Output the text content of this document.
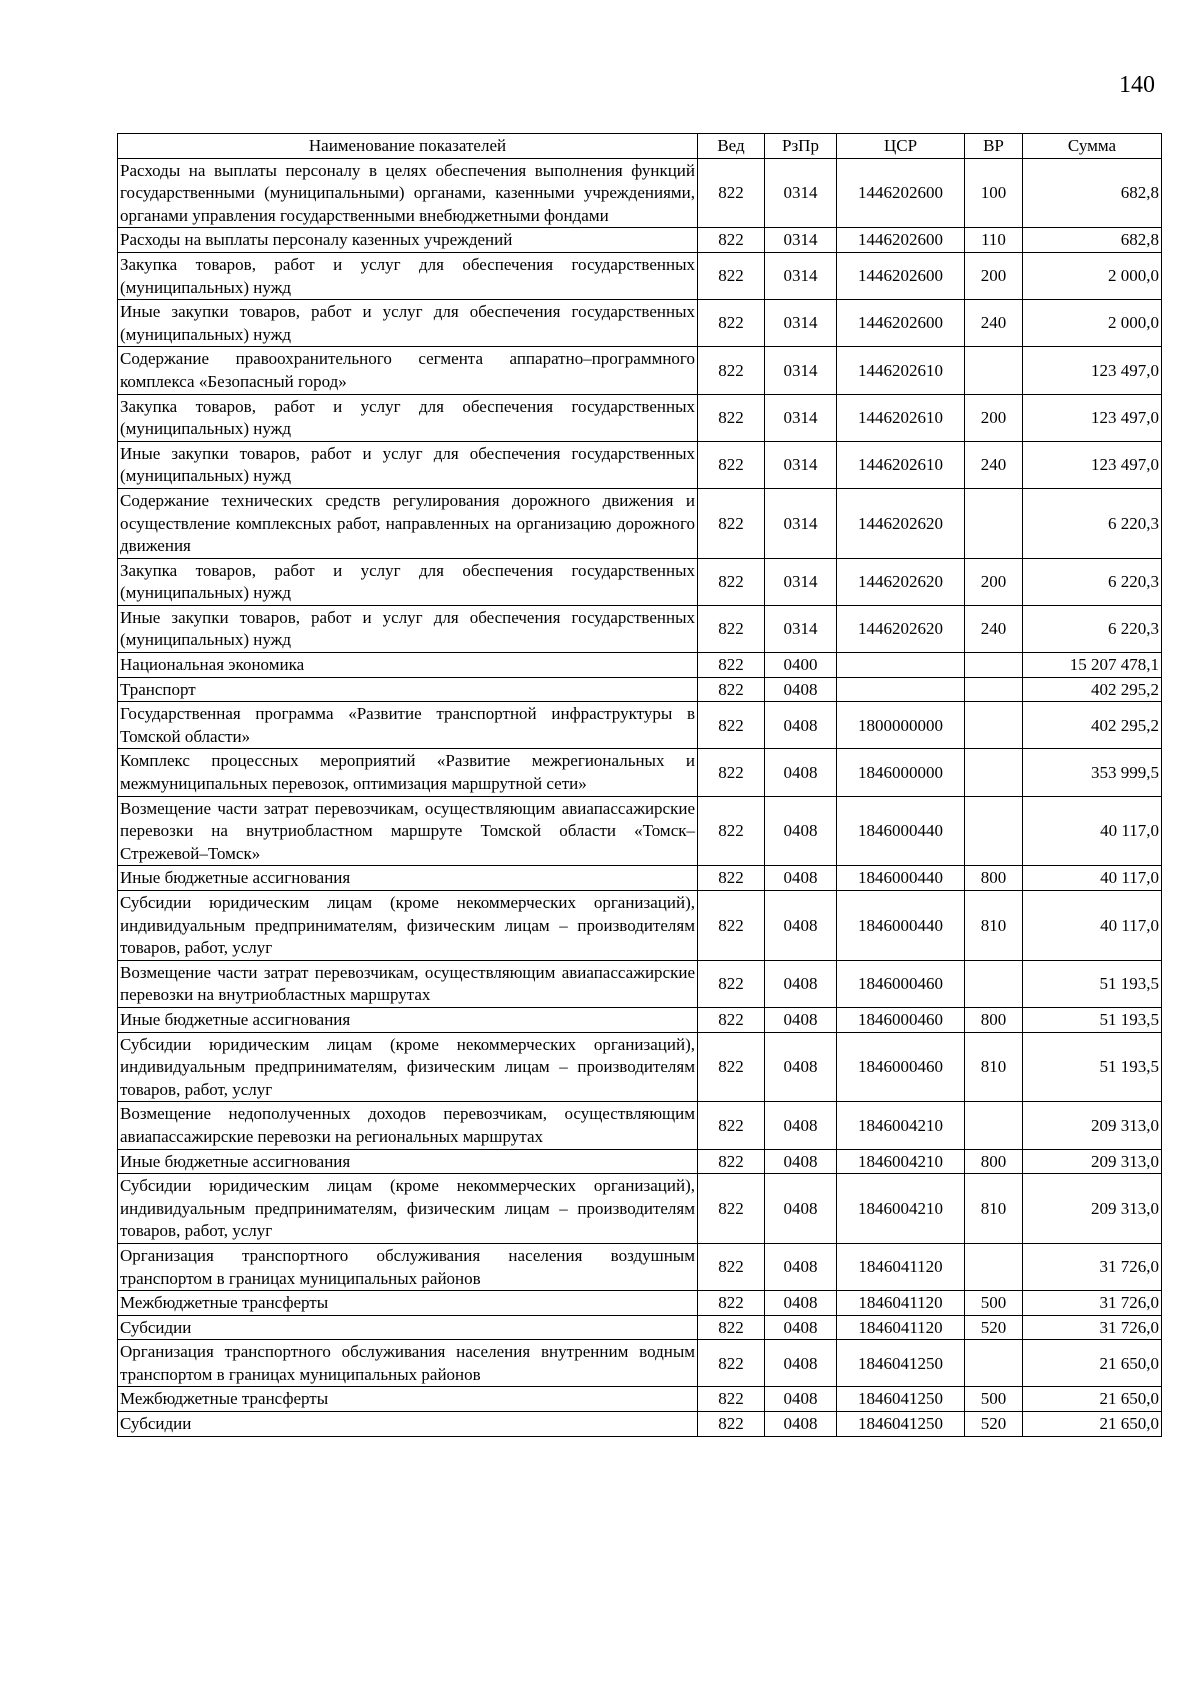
140
Наименование показателей	Вед	РзПр	ЦСР	ВР	Сумма
Расходы на выплаты персоналу в целях обеспечения выполнения функций государственными (муниципальными) органами, казенными учреждениями, органами управления государственными внебюджетными фондами	822	0314	1446202600	100	682,8
Расходы на выплаты персоналу казенных учреждений	822	0314	1446202600	110	682,8
Закупка товаров, работ и услуг для обеспечения государственных (муниципальных) нужд	822	0314	1446202600	200	2 000,0
Иные закупки товаров, работ и услуг для обеспечения государственных (муниципальных) нужд	822	0314	1446202600	240	2 000,0
Содержание правоохранительного сегмента аппаратно–программного комплекса «Безопасный город»	822	0314	1446202610		123 497,0
Закупка товаров, работ и услуг для обеспечения государственных (муниципальных) нужд	822	0314	1446202610	200	123 497,0
Иные закупки товаров, работ и услуг для обеспечения государственных (муниципальных) нужд	822	0314	1446202610	240	123 497,0
Содержание технических средств регулирования дорожного движения и осуществление комплексных работ, направленных на организацию дорожного движения	822	0314	1446202620		6 220,3
Закупка товаров, работ и услуг для обеспечения государственных (муниципальных) нужд	822	0314	1446202620	200	6 220,3
Иные закупки товаров, работ и услуг для обеспечения государственных (муниципальных) нужд	822	0314	1446202620	240	6 220,3
Национальная экономика	822	0400			15 207 478,1
Транспорт	822	0408			402 295,2
Государственная программа «Развитие транспортной инфраструктуры в Томской области»	822	0408	1800000000		402 295,2
Комплекс процессных мероприятий «Развитие межрегиональных и межмуниципальных перевозок, оптимизация маршрутной сети»	822	0408	1846000000		353 999,5
Возмещение части затрат перевозчикам, осуществляющим авиапассажирские перевозки на внутриобластном маршруте Томской области «Томск–Стрежевой–Томск»	822	0408	1846000440		40 117,0
Иные бюджетные ассигнования	822	0408	1846000440	800	40 117,0
Субсидии юридическим лицам (кроме некоммерческих организаций), индивидуальным предпринимателям, физическим лицам – производителям товаров, работ, услуг	822	0408	1846000440	810	40 117,0
Возмещение части затрат перевозчикам, осуществляющим авиапассажирские перевозки на внутриобластных маршрутах	822	0408	1846000460		51 193,5
Иные бюджетные ассигнования	822	0408	1846000460	800	51 193,5
Субсидии юридическим лицам (кроме некоммерческих организаций), индивидуальным предпринимателям, физическим лицам – производителям товаров, работ, услуг	822	0408	1846000460	810	51 193,5
Возмещение недополученных доходов перевозчикам, осуществляющим авиапассажирские перевозки на региональных маршрутах	822	0408	1846004210		209 313,0
Иные бюджетные ассигнования	822	0408	1846004210	800	209 313,0
Субсидии юридическим лицам (кроме некоммерческих организаций), индивидуальным предпринимателям, физическим лицам – производителям товаров, работ, услуг	822	0408	1846004210	810	209 313,0
Организация транспортного обслуживания населения воздушным транспортом в границах муниципальных районов	822	0408	1846041120		31 726,0
Межбюджетные трансферты	822	0408	1846041120	500	31 726,0
Субсидии	822	0408	1846041120	520	31 726,0
Организация транспортного обслуживания населения внутренним водным транспортом в границах муниципальных районов	822	0408	1846041250		21 650,0
Межбюджетные трансферты	822	0408	1846041250	500	21 650,0
Субсидии	822	0408	1846041250	520	21 650,0
